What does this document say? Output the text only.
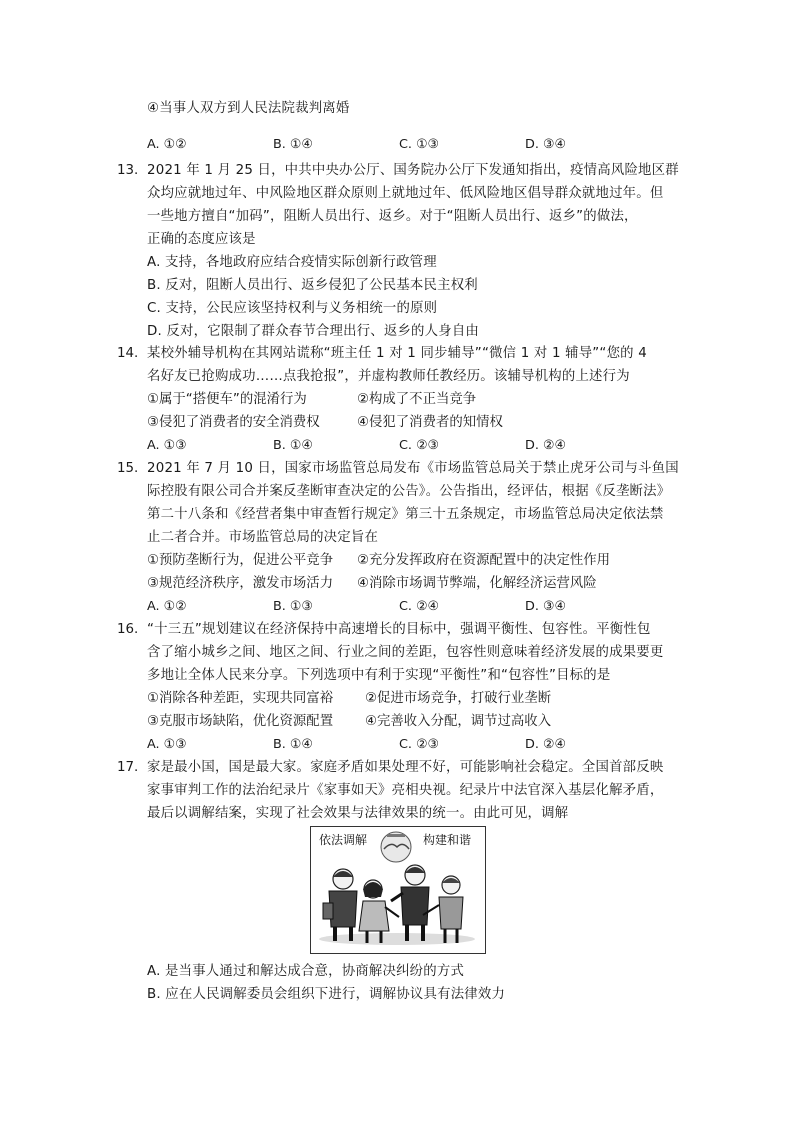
④当事人双方到人民法院裁判离婚
A. ①②	B. ①④	C. ①③	D. ③④
13. 2021 年 1 月 25 日，中共中央办公厅、国务院办公厅下发通知指出，疫情高风险地区群
众均应就地过年、中风险地区群众原则上就地过年、低风险地区倡导群众就地过年。但
一些地方擅自“加码”，阻断人员出行、返乡。对于“阻断人员出行、返乡”的做法，
正确的态度应该是
A. 支持，各地政府应结合疫情实际创新行政管理
B. 反对，阻断人员出行、返乡侵犯了公民基本民主权利
C. 支持，公民应该坚持权利与义务相统一的原则
D. 反对，它限制了群众春节合理出行、返乡的人身自由
14. 某校外辅导机构在其网站谎称“班主任 1 对 1 同步辅导”“微信 1 对 1 辅导”“您的 4
名好友已抢购成功……点我抢报”，并虚构教师任教经历。该辅导机构的上述行为
①属于“搭便车”的混淆行为	②构成了不正当竞争
③侵犯了消费者的安全消费权	④侵犯了消费者的知情权
A. ①③	B. ①④	C. ②③	D. ②④
15. 2021 年 7 月 10 日，国家市场监管总局发布《市场监管总局关于禁止虎牙公司与斗鱼国
际控股有限公司合并案反垄断审查决定的公告》。公告指出，经评估，根据《反垄断法》
第二十八条和《经营者集中审查暂行规定》第三十五条规定，市场监管总局决定依法禁
止二者合并。市场监管总局的决定旨在
①预防垄断行为，促进公平竞争 ②充分发挥政府在资源配置中的决定性作用
③规范经济秩序，激发市场活力 ④消除市场调节弊端，化解经济运营风险
A. ①②	B. ①③	C. ②④	D. ③④
16. “十三五”规划建议在经济保持中高速增长的目标中，强调平衡性、包容性。平衡性包
含了缩小城乡之间、地区之间、行业之间的差距，包容性则意味着经济发展的成果要更
多地让全体人民来分享。下列选项中有利于实现“平衡性”和“包容性”目标的是
①消除各种差距，实现共同富裕 ②促进市场竞争，打破行业垄断
③克服市场缺陷，优化资源配置 ④完善收入分配，调节过高收入
A. ①③	B. ①④	C. ②③	D. ②④
17. 家是最小国，国是最大家。家庭矛盾如果处理不好，可能影响社会稳定。全国首部反映
家事审判工作的法治纪录片《家事如天》亮相央视。纪录片中法官深入基层化解矛盾，
最后以调解结案，实现了社会效果与法律效果的统一。由此可见，调解
依法调解	构建和谐
A. 是当事人通过和解达成合意，协商解决纠纷的方式
B. 应在人民调解委员会组织下进行，调解协议具有法律效力
